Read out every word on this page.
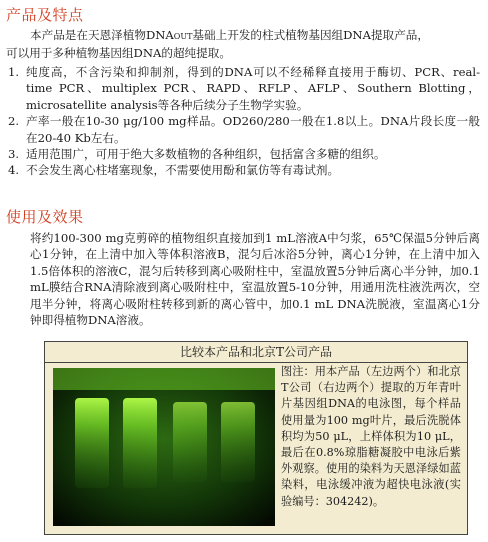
产品及特点
本产品是在天恩泽植物DNAOUT基础上开发的柱式植物基因组DNA提取产品，
可以用于多种植物基因组DNA的超纯提取。
1. 纯度高，不含污染和抑制剂，得到的DNA可以不经稀释直接用于酶切、PCR、real-time PCR、multiplex PCR、RAPD、RFLP、AFLP、Southern Blotting，microsatellite analysis等各种后续分子生物学实验。
2. 产率一般在10-30 μg/100 mg样品。OD260/280一般在1.8以上。DNA片段长度一般在20-40 Kb左右。
3. 适用范围广，可用于绝大多数植物的各种组织，包括富含多糖的组织。
4. 不会发生离心柱堵塞现象，不需要使用酚和氯仿等有毒试剂。
使用及效果
将约100-300 mg克剪碎的植物组织直接加到1 mL溶液A中匀浆，65℃保温5分钟后离心1分钟，在上清中加入等体积溶液B，混匀后冰浴5分钟，离心1分钟，在上清中加入1.5倍体积的溶液C，混匀后转移到离心吸附柱中，室温放置5分钟后离心半分钟，加0.1 mL膜结合RNA清除液到离心吸附柱中，室温放置5-10分钟，用通用洗柱液洗两次，空甩半分钟，将离心吸附柱转移到新的离心管中，加0.1 mL DNA洗脱液，室温离心1分钟即得植物DNA溶液。
比较本产品和北京T公司产品
图注：用本产品（左边两个）和北京T公司（右边两个）提取的万年青叶片基因组DNA的电泳图，每个样品使用量为100 mg叶片，最后洗脱体积均为50 μL，上样体积为10 μL，最后在0.8%琼脂糖凝胶中电泳后紫外观察。使用的染料为天恩泽绿如蓝染料，电泳缓冲液为超快电泳液(实验编号：304242)。
